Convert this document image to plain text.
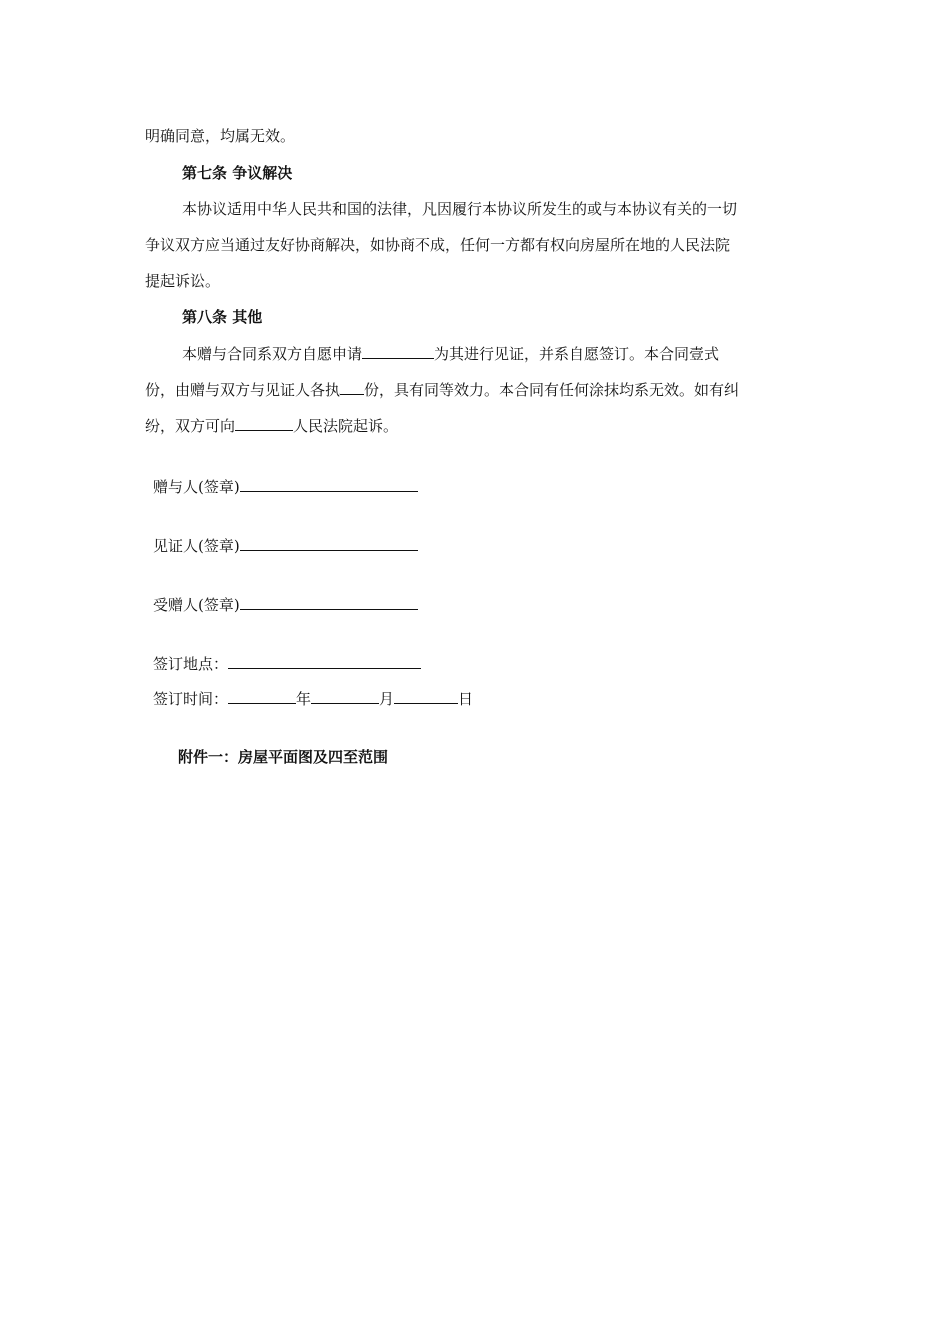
明确同意，均属无效。
第七条 争议解决
本协议适用中华人民共和国的法律，凡因履行本协议所发生的或与本协议有关的一切
争议双方应当通过友好协商解决，如协商不成，任何一方都有权向房屋所在地的人民法院
提起诉讼。
第八条 其他
本赠与合同系双方自愿申请	为其进行见证，并系自愿签订。本合同壹式
份，由赠与双方与见证人各执 份，具有同等效力。本合同有任何涂抹均系无效。如有纠
纷，双方可向	人民法院起诉。
赠与人(签章)
见证人(签章)
受赠人(签章)
签订地点：
签订时间：	年	月	日
附件一：房屋平面图及四至范围
